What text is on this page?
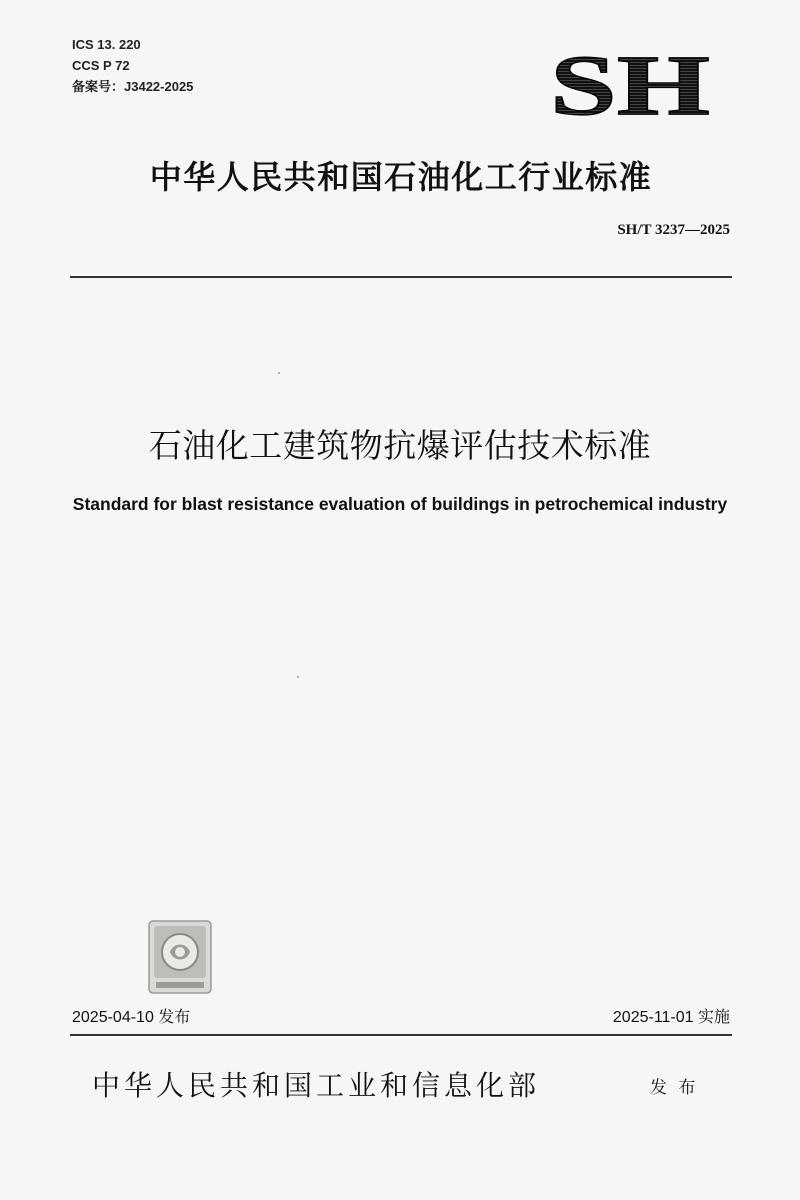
ICS 13. 220
CCS P 72
备案号：J3422-2025	SH
中华人民共和国石油化工行业标准
SH/T 3237—2025
石油化工建筑物抗爆评估技术标准
Standard for blast resistance evaluation of buildings in petrochemical industry
2025-04-10 发布	2025-11-01 实施
中华人民共和国工业和信息化部	发 布
